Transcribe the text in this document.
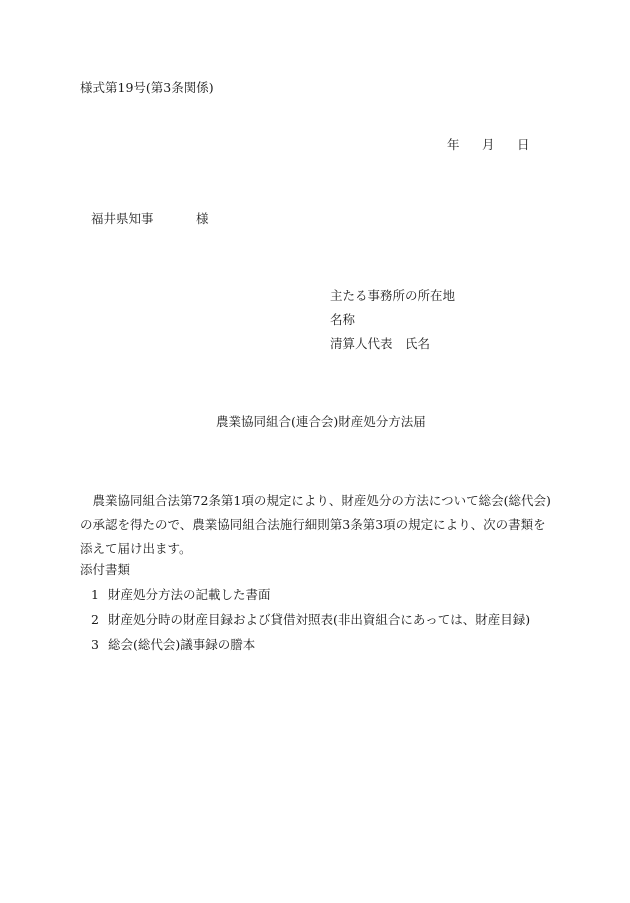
様式第19号(第3条関係)
年 月 日
福井県知事	様
主たる事務所の所在地
名称
清算人代表　氏名
農業協同組合(連合会)財産処分方法届
農業協同組合法第72条第1項の規定により、財産処分の方法について総会(総代会)の承認を得たので、農業協同組合法施行細則第3条第3項の規定により、次の書類を添えて届け出ます。
添付書類
1 財産処分方法の記載した書面
2 財産処分時の財産目録および貸借対照表(非出資組合にあっては、財産目録)
3 総会(総代会)議事録の謄本
